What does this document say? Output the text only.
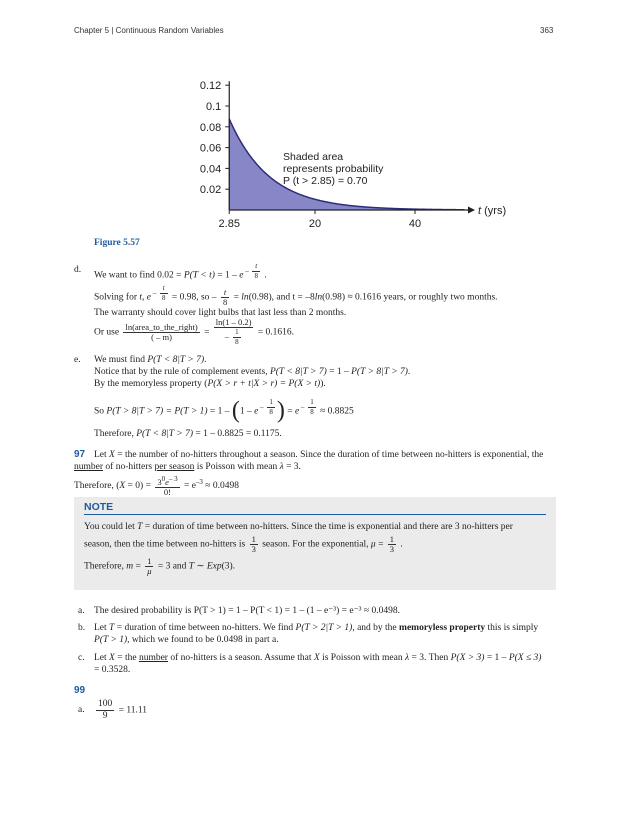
Chapter 5 | Continuous Random Variables	363
0.12
0.1
0.08
0.06
0.04
0.02
2.85	20	40
t (yrs)
Shaded area
represents probability
P (t > 2.85) = 0.70
Figure 5.57
d.
We want to find 0.02 = P(T < t) = 1 – e $^{- \frac{t}{8}}$ .
Solving for t, e $^{- \frac{t}{8}}$ = 0.98, so – $\frac{t}{8} = \ln(0.98)$, and t = –8ln(0.98) ≈ 0.1616 years, or roughly two months.
The warranty should cover light bulbs that last less than 2 months.
Or use $\frac{\text{ln(area\_to\_the\_right)}}{( - m)} = \frac{\ln(1 - 0.2)}{- \frac{1}{8}} = 0.1616$.
e. We must find P(T < 8|T > 7).
Notice that by the rule of complement events, P(T < 8|T > 7) = 1 – P(T > 8|T > 7).
By the memoryless property (P(X > r + t|X > r) = P(X > t)).
So P(T > 8|T > 7) = P(T > 1) = 1 – (1 – e $^{- \frac{1}{8}}$ ) = e $^{- \frac{1}{8}}$ ≈ 0.8825
Therefore, P(T < 8|T > 7) = 1 – 0.8825 = 0.1175.
97 Let X = the number of no-hitters throughout a season. Since the duration of time between no-hitters is exponential, the
number of no-hitters per season is Poisson with mean λ = 3.
Therefore, $(X = 0) = \frac{3^0e^{- 3}}{0!} = e^{-3} \approx 0.0498$
NOTE
You could let T = duration of time between no-hitters. Since the time is exponential and there are 3 no-hitters per
season, then the time between no-hitters is $\frac{1}{3}$ season. For the exponential, $\mu = \frac{1}{3}$ .
Therefore, $m = \frac{1}{\mu} = 3$ and T ∼ Exp(3).
a. The desired probability is P(T > 1) = 1 – P(T < 1) = 1 – (1 – e⁻³) = e⁻³ ≈ 0.0498.
b. Let T = duration of time between no-hitters. We find P(T > 2|T > 1), and by the memoryless property this is simply
P(T > 1), which we found to be 0.0498 in part a.
c. Let X = the number of no-hitters is a season. Assume that X is Poisson with mean λ = 3. Then P(X > 3) = 1 – P(X ≤ 3)
= 0.3528.
99
a. $\frac{100}{9} = 11.11$
